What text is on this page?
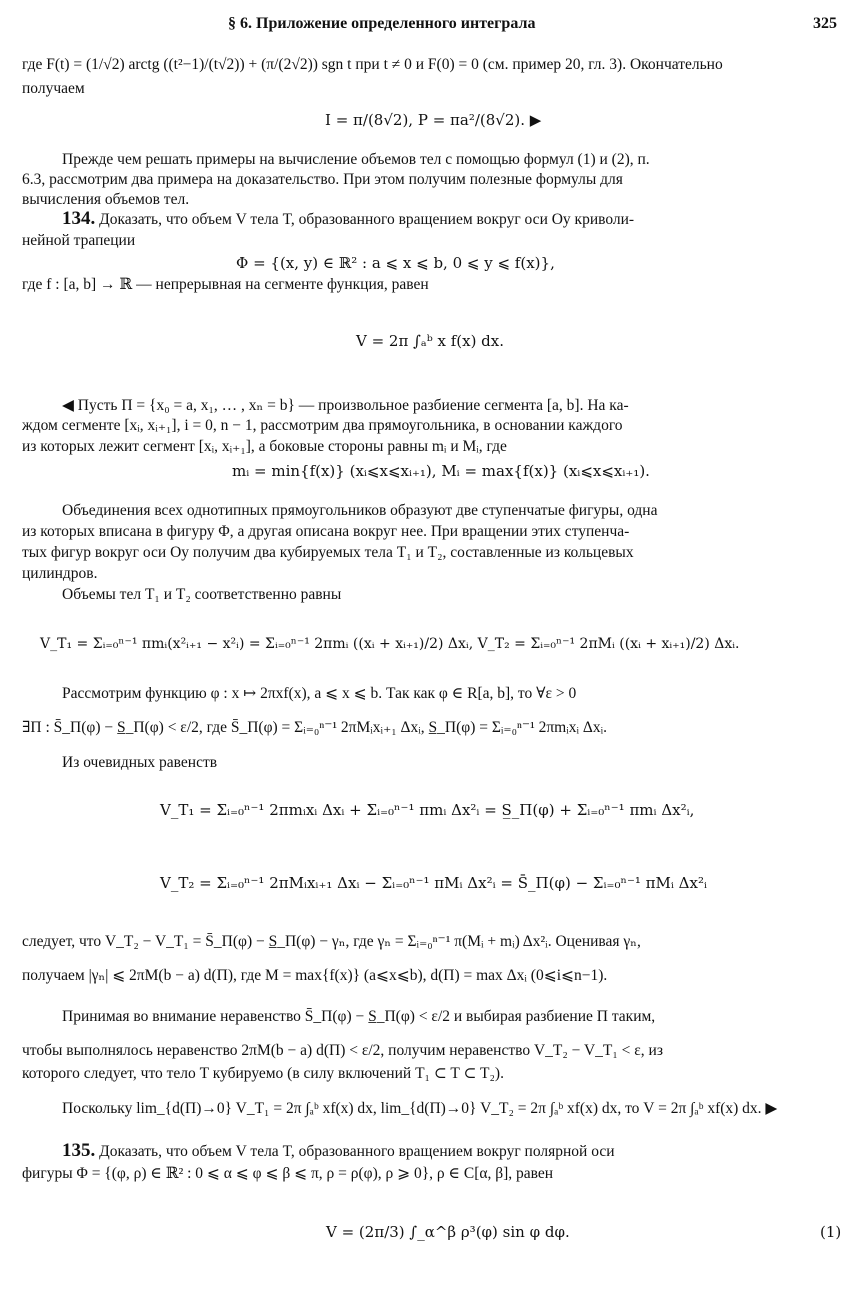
§ 6. Приложение определенного интеграла	325
где F(t) = (1/√2) arctg ((t²−1)/(t√2)) + (π/(2√2)) sgn t при t ≠ 0 и F(0) = 0 (см. пример 20, гл. 3). Окончательно
получаем
I = π/(8√2), P = πa²/(8√2). ▶
Прежде чем решать примеры на вычисление объемов тел с помощью формул (1) и (2), п.
6.3, рассмотрим два примера на доказательство. При этом получим полезные формулы для
вычисления объемов тел.
134. Доказать, что объем V тела T, образованного вращением вокруг оси Oy криволи-
нейной трапеции
Φ = {(x, y) ∈ ℝ² : a ⩽ x ⩽ b, 0 ⩽ y ⩽ f(x)},
где f : [a, b] → ℝ — непрерывная на сегменте функция, равен
V = 2π ∫ₐᵇ x f(x) dx.
◀ Пусть Π = {x₀ = a, x₁, … , xₙ = b} — произвольное разбиение сегмента [a, b]. На ка-
ждом сегменте [xᵢ, xᵢ₊₁], i = 0, n − 1, рассмотрим два прямоугольника, в основании каждого
из которых лежит сегмент [xᵢ, xᵢ₊₁], а боковые стороны равны mᵢ и Mᵢ, где
mᵢ = min{f(x)} (xᵢ⩽x⩽xᵢ₊₁), Mᵢ = max{f(x)} (xᵢ⩽x⩽xᵢ₊₁).
Объединения всех однотипных прямоугольников образуют две ступенчатые фигуры, одна
из которых вписана в фигуру Φ, а другая описана вокруг нее. При вращении этих ступенча-
тых фигур вокруг оси Oy получим два кубируемых тела T₁ и T₂, составленные из кольцевых
цилиндров.
Объемы тел T₁ и T₂ соответственно равны
V_T₁ = Σᵢ₌₀ⁿ⁻¹ πmᵢ(x²ᵢ₊₁ − x²ᵢ) = Σᵢ₌₀ⁿ⁻¹ 2πmᵢ ((xᵢ + xᵢ₊₁)/2) Δxᵢ, V_T₂ = Σᵢ₌₀ⁿ⁻¹ 2πMᵢ ((xᵢ + xᵢ₊₁)/2) Δxᵢ.
Рассмотрим функцию φ : x ↦ 2πxf(x), a ⩽ x ⩽ b. Так как φ ∈ R[a, b], то ∀ε > 0
∃Π : S̄_Π(φ) − S̲_Π(φ) < ε/2, где S̄_Π(φ) = Σᵢ₌₀ⁿ⁻¹ 2πMᵢxᵢ₊₁ Δxᵢ, S̲_Π(φ) = Σᵢ₌₀ⁿ⁻¹ 2πmᵢxᵢ Δxᵢ.
Из очевидных равенств
V_T₁ = Σᵢ₌₀ⁿ⁻¹ 2πmᵢxᵢ Δxᵢ + Σᵢ₌₀ⁿ⁻¹ πmᵢ Δx²ᵢ = S̲_Π(φ) + Σᵢ₌₀ⁿ⁻¹ πmᵢ Δx²ᵢ,
V_T₂ = Σᵢ₌₀ⁿ⁻¹ 2πMᵢxᵢ₊₁ Δxᵢ − Σᵢ₌₀ⁿ⁻¹ πMᵢ Δx²ᵢ = S̄_Π(φ) − Σᵢ₌₀ⁿ⁻¹ πMᵢ Δx²ᵢ
следует, что V_T₂ − V_T₁ = S̄_Π(φ) − S̲_Π(φ) − γₙ, где γₙ = Σᵢ₌₀ⁿ⁻¹ π(Mᵢ + mᵢ) Δx²ᵢ. Оценивая γₙ,
получаем |γₙ| ⩽ 2πM(b − a) d(Π), где M = max{f(x)} (a⩽x⩽b), d(Π) = max Δxᵢ (0⩽i⩽n−1).
Принимая во внимание неравенство S̄_Π(φ) − S̲_Π(φ) < ε/2 и выбирая разбиение Π таким,
чтобы выполнялось неравенство 2πM(b − a) d(Π) < ε/2, получим неравенство V_T₂ − V_T₁ < ε, из
которого следует, что тело T кубируемо (в силу включений T₁ ⊂ T ⊂ T₂).
Поскольку lim_{d(Π)→0} V_T₁ = 2π ∫ₐᵇ xf(x) dx, lim_{d(Π)→0} V_T₂ = 2π ∫ₐᵇ xf(x) dx, то V = 2π ∫ₐᵇ xf(x) dx. ▶
135. Доказать, что объем V тела T, образованного вращением вокруг полярной оси
фигуры Φ = {(φ, ρ) ∈ ℝ² : 0 ⩽ α ⩽ φ ⩽ β ⩽ π, ρ = ρ(φ), ρ ⩾ 0}, ρ ∈ C[α, β], равен
V = (2π/3) ∫_α^β ρ³(φ) sin φ dφ.	(1)
